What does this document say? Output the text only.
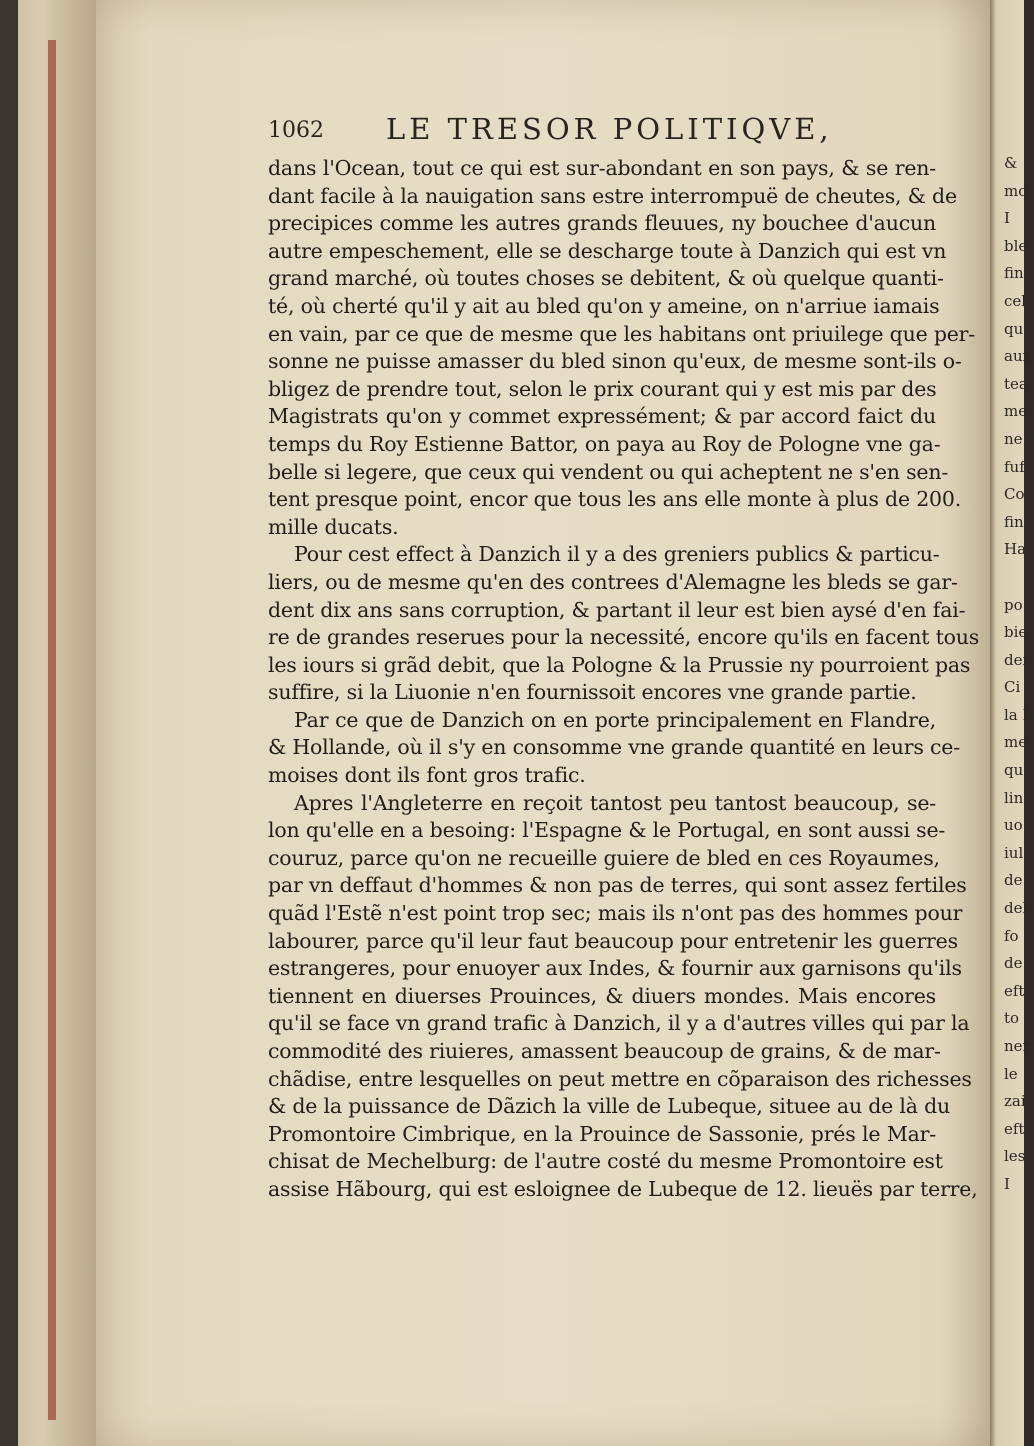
1062 LE TRESOR POLITIQVE,
dans l'Ocean, tout ce qui est sur-abondant en son pays, & se ren-
dant facile à la nauigation sans estre interrompuë de cheutes, & de
precipices comme les autres grands fleuues, ny bouchee d'aucun
autre empeschement, elle se descharge toute à Danzich qui est vn
grand marché, où toutes choses se debitent, & où quelque quanti-
té, où cherté qu'il y ait au bled qu'on y ameine, on n'arriue iamais
en vain, par ce que de mesme que les habitans ont priuilege que per-
sonne ne puisse amasser du bled sinon qu'eux, de mesme sont-ils o-
bligez de prendre tout, selon le prix courant qui y est mis par des
Magistrats qu'on y commet expressément; & par accord faict du
temps du Roy Estienne Battor, on paya au Roy de Pologne vne ga-
belle si legere, que ceux qui vendent ou qui acheptent ne s'en sen-
tent presque point, encor que tous les ans elle monte à plus de 200.
mille ducats.
Pour cest effect à Danzich il y a des greniers publics & particu-
liers, ou de mesme qu'en des contrees d'Alemagne les bleds se gar-
dent dix ans sans corruption, & partant il leur est bien aysé d'en fai-
re de grandes reserues pour la necessité, encore qu'ils en facent tous
les iours si grãd debit, que la Pologne & la Prussie ny pourroient pas
suffire, si la Liuonie n'en fournissoit encores vne grande partie.
Par ce que de Danzich on en porte principalement en Flandre,
& Hollande, où il s'y en consomme vne grande quantité en leurs ce-
moises dont ils font gros trafic.
Apres l'Angleterre en reçoit tantost peu tantost beaucoup, se-
lon qu'elle en a besoing: l'Espagne & le Portugal, en sont aussi se-
couruz, parce qu'on ne recueille guiere de bled en ces Royaumes,
par vn deffaut d'hommes & non pas de terres, qui sont assez fertiles
quãd l'Estẽ n'est point trop sec; mais ils n'ont pas des hommes pour
labourer, parce qu'il leur faut beaucoup pour entretenir les guerres
estrangeres, pour enuoyer aux Indes, & fournir aux garnisons qu'ils
tiennent en diuerses Prouinces, & diuers mondes. Mais encores
qu'il se face vn grand trafic à Danzich, il y a d'autres villes qui par la
commodité des riuieres, amassent beaucoup de grains, & de mar-
chãdise, entre lesquelles on peut mettre en cõparaison des richesses
& de la puissance de Dãzich la ville de Lubeque, situee au de là du
Promontoire Cimbrique, en la Prouince de Sassonie, prés le Mar-
chisat de Mechelburg: de l'autre costé du mesme Promontoire est
assise Hãbourg, qui est esloignee de Lubeque de 12. lieuës par terre,
&
mo
I
ble
fin
cel
qu
aux
tea
me
ne
fuf
Co
fin
Ha
po
bie
def
Ci
la I
me
qu
lin
uo
iul
de
del
fo
de
eft
to
ner
le
zai
eft
les
I
